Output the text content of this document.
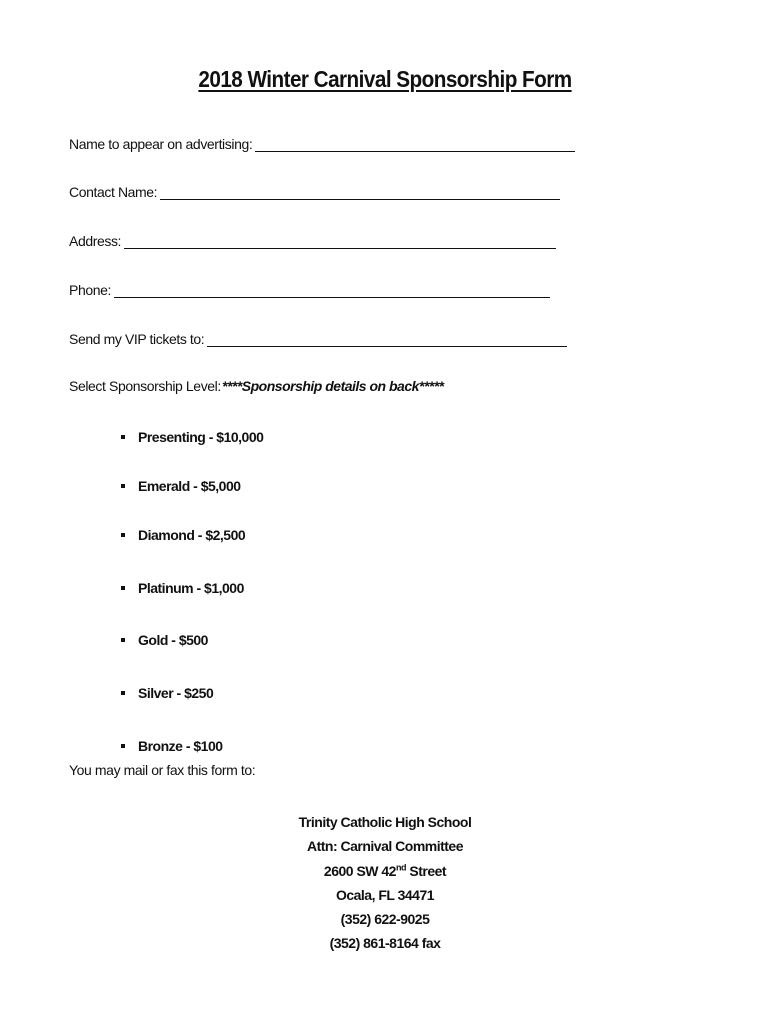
2018 Winter Carnival Sponsorship Form
Name to appear on advertising:
Contact Name:
Address:
Phone:
Send my VIP tickets to:
Select Sponsorship Level: ****Sponsorship details on back*****
Presenting - $10,000
Emerald - $5,000
Diamond - $2,500
Platinum - $1,000
Gold - $500
Silver - $250
Bronze - $100
You may mail or fax this form to:
Trinity Catholic High School
Attn: Carnival Committee
2600 SW 42nd Street
Ocala, FL 34471
(352) 622-9025
(352) 861-8164 fax
